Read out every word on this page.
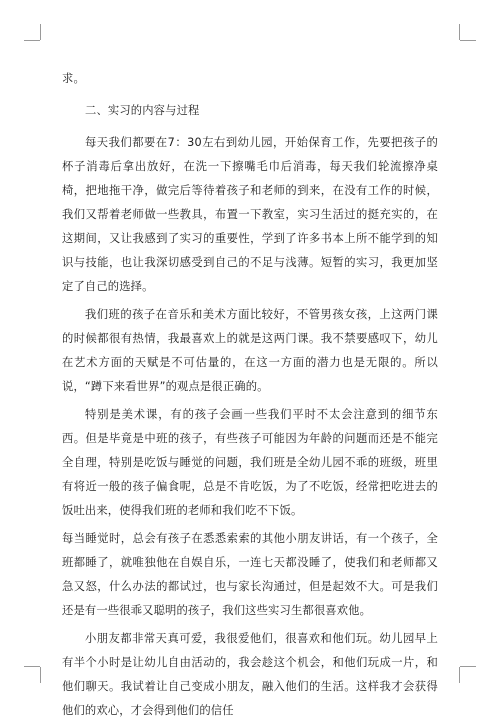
求。

二、实习的内容与过程

每天我们都要在7：30左右到幼儿园，开始保育工作，先要把孩子的杯子消毒后拿出放好，在洗一下擦嘴毛巾后消毒，每天我们轮流擦净桌椅，把地拖干净，做完后等待着孩子和老师的到来，在没有工作的时候，我们又帮着老师做一些教具，布置一下教室，实习生活过的挺充实的，在这期间，又让我感到了实习的重要性，学到了许多书本上所不能学到的知识与技能，也让我深切感受到自己的不足与浅薄。短暂的实习，我更加坚定了自己的选择。

我们班的孩子在音乐和美术方面比较好，不管男孩女孩，上这两门课的时候都很有热情，我最喜欢上的就是这两门课。我不禁要感叹下，幼儿在艺术方面的天赋是不可估量的，在这一方面的潜力也是无限的。所以说，“蹲下来看世界”的观点是很正确的。

特别是美术课，有的孩子会画一些我们平时不太会注意到的细节东西。但是毕竟是中班的孩子，有些孩子可能因为年龄的问题而还是不能完全自理，特别是吃饭与睡觉的问题，我们班是全幼儿园不乖的班级，班里有将近一般的孩子偏食呢，总是不肯吃饭，为了不吃饭，经常把吃进去的饭吐出来，使得我们班的老师和我们吃不下饭。

每当睡觉时，总会有孩子在悉悉索索的其他小朋友讲话，有一个孩子，全班都睡了，就唯独他在自娱自乐，一连七天都没睡了，使我们和老师都又急又怒，什么办法的都试过，也与家长沟通过，但是起效不大。可是我们还是有一些很乖又聪明的孩子，我们这些实习生都很喜欢他。

小朋友都非常天真可爱，我很爱他们，很喜欢和他们玩。幼儿园早上有半个小时是让幼儿自由活动的，我会趁这个机会，和他们玩成一片，和他们聊天。我试着让自己变成小朋友，融入他们的生活。这样我才会获得他们的欢心，才会得到他们的信任
